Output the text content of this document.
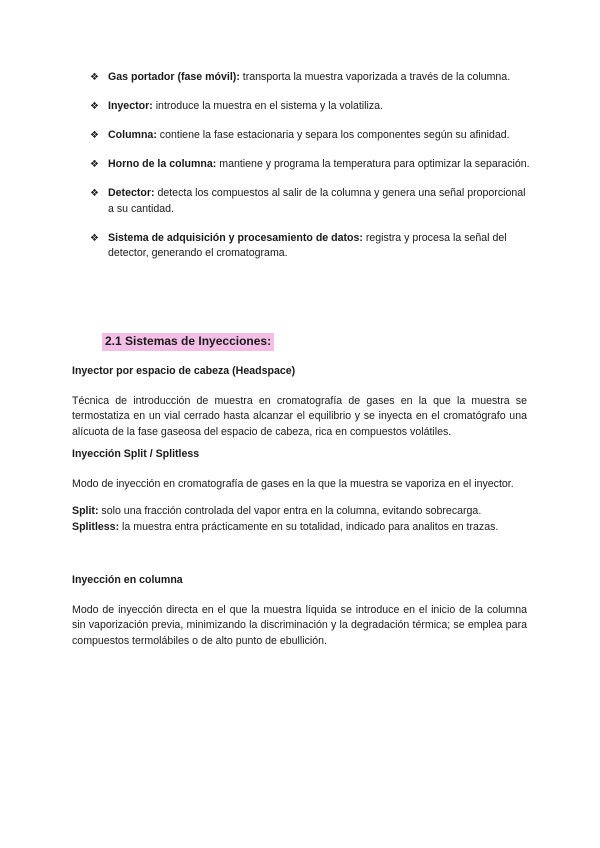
❖ Gas portador (fase móvil): transporta la muestra vaporizada a través de la columna.
❖ Inyector: introduce la muestra en el sistema y la volatiliza.
❖ Columna: contiene la fase estacionaria y separa los componentes según su afinidad.
❖ Horno de la columna: mantiene y programa la temperatura para optimizar la separación.
❖ Detector: detecta los compuestos al salir de la columna y genera una señal proporcional a su cantidad.
❖ Sistema de adquisición y procesamiento de datos: registra y procesa la señal del detector, generando el cromatograma.
2.1 Sistemas de Inyecciones:
Inyector por espacio de cabeza (Headspace)
Técnica de introducción de muestra en cromatografía de gases en la que la muestra se termostatiza en un vial cerrado hasta alcanzar el equilibrio y se inyecta en el cromatógrafo una alícuota de la fase gaseosa del espacio de cabeza, rica en compuestos volátiles.
Inyección Split / Splitless
Modo de inyección en cromatografía de gases en la que la muestra se vaporiza en el inyector.
Split: solo una fracción controlada del vapor entra en la columna, evitando sobrecarga.
Splitless: la muestra entra prácticamente en su totalidad, indicado para analitos en trazas.
Inyección en columna
Modo de inyección directa en el que la muestra líquida se introduce en el inicio de la columna sin vaporización previa, minimizando la discriminación y la degradación térmica; se emplea para compuestos termolábiles o de alto punto de ebullición.
